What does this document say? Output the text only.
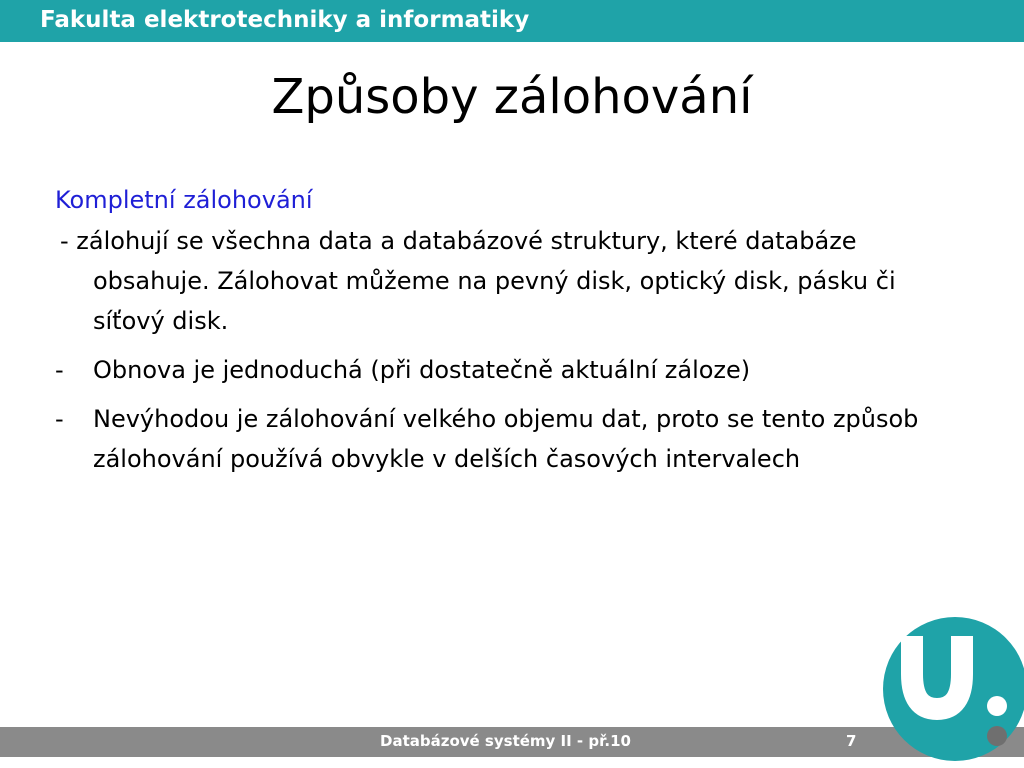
Fakulta elektrotechniky a informatiky
Způsoby zálohování
Kompletní zálohování
- zálohují se všechna data a databázové struktury, které databáze obsahuje. Zálohovat můžeme na pevný disk, optický disk, pásku či síťový disk.
- Obnova je jednoduchá (při dostatečně aktuální záloze)
- Nevýhodou je zálohování velkého objemu dat, proto se tento způsob zálohování používá obvykle v delších časových intervalech
Databázové systémy II - př.10	7
